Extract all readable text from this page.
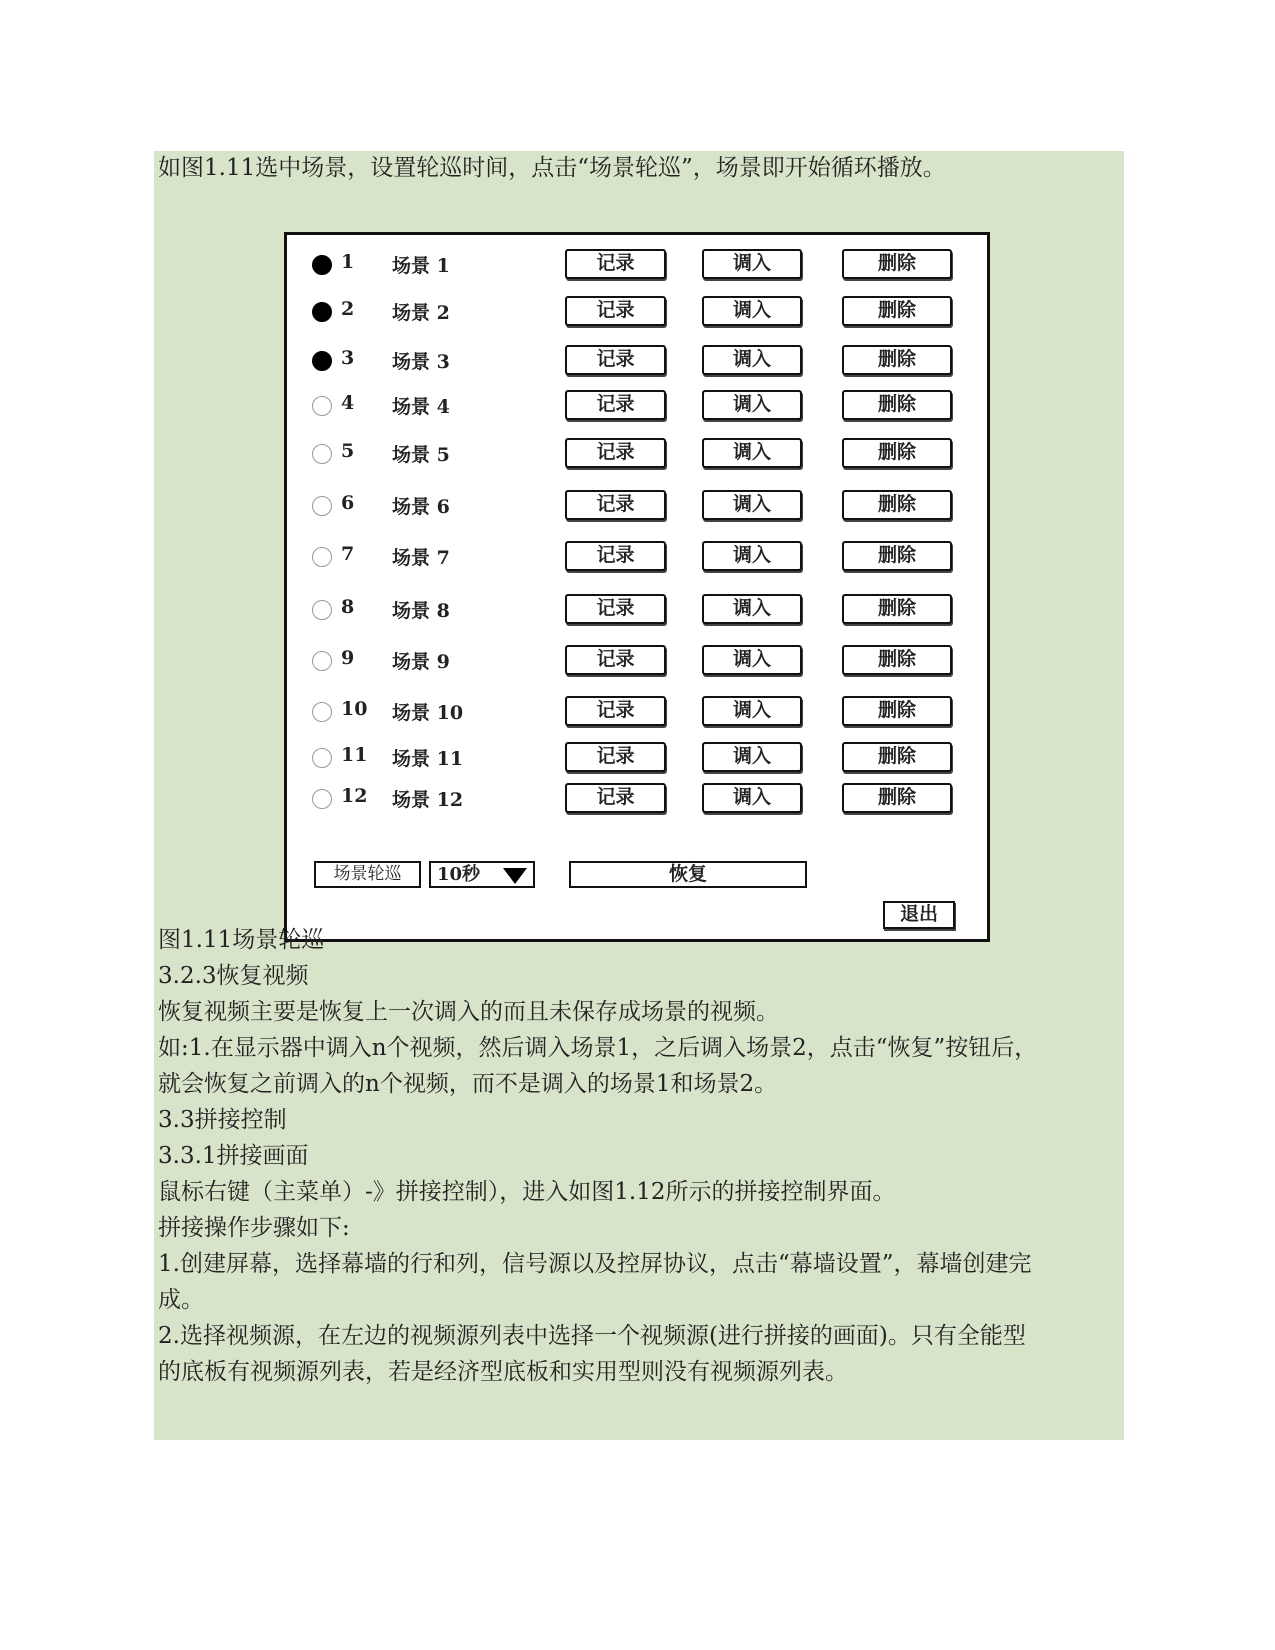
如图1.11选中场景，设置轮巡时间，点击“场景轮巡”，场景即开始循环播放。
1 场景 1	记录	调入	删除
2 场景 2	记录	调入	删除
3 场景 3	记录	调入	删除
4 场景 4	记录	调入	删除
5 场景 5	记录	调入	删除
6 场景 6	记录	调入	删除
7 场景 7	记录	调入	删除
8 场景 8	记录	调入	删除
9 场景 9	记录	调入	删除
10 场景 10	记录	调入	删除
11 场景 11	记录	调入	删除
12 场景 12	记录	调入	删除
场景轮巡	10秒	恢复
退出
图1.11场景轮巡
3.2.3恢复视频
恢复视频主要是恢复上一次调入的而且未保存成场景的视频。
如:1.在显示器中调入n个视频，然后调入场景1，之后调入场景2，点击“恢复”按钮后，
就会恢复之前调入的n个视频，而不是调入的场景1和场景2。
3.3拼接控制
3.3.1拼接画面
鼠标右键（主菜单）-》拼接控制），进入如图1.12所示的拼接控制界面。
拼接操作步骤如下:
1.创建屏幕，选择幕墙的行和列，信号源以及控屏协议，点击“幕墙设置”，幕墙创建完
成。
2.选择视频源，在左边的视频源列表中选择一个视频源(进行拼接的画面)。只有全能型
的底板有视频源列表，若是经济型底板和实用型则没有视频源列表。
